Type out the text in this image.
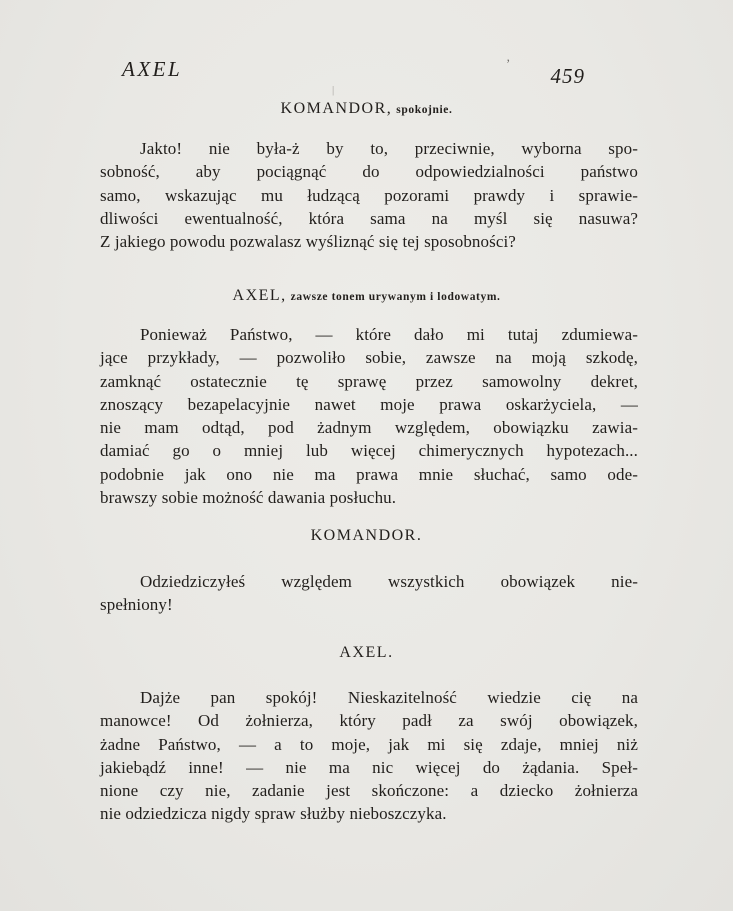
AXEL	459
’
|
KOMANDOR, spokojnie.
Jakto! nie była-ż by to, przeciwnie, wyborna spo-
sobność, aby pociągnąć do odpowiedzialności państwo
samo, wskazując mu łudzącą pozorami prawdy i sprawie-
dliwości ewentualność, która sama na myśl się nasuwa?
Z jakiego powodu pozwalasz wyśliznąć się tej sposobności?
AXEL, zawsze tonem urywanym i lodowatym.
Ponieważ Państwo, — które dało mi tutaj zdumiewa-
jące przykłady, — pozwoliło sobie, zawsze na moją szkodę,
zamknąć ostatecznie tę sprawę przez samowolny dekret,
znoszący bezapelacyjnie nawet moje prawa oskarżyciela, —
nie mam odtąd, pod żadnym względem, obowiązku zawia-
damiać go o mniej lub więcej chimerycznych hypotezach...
podobnie jak ono nie ma prawa mnie słuchać, samo ode-
brawszy sobie możność dawania posłuchu.
KOMANDOR.
Odziedziczyłeś względem wszystkich obowiązek nie-
spełniony!
AXEL.
Dajże pan spokój! Nieskazitelność wiedzie cię na
manowce! Od żołnierza, który padł za swój obowiązek,
żadne Państwo, — a to moje, jak mi się zdaje, mniej niż
jakiebądź inne! — nie ma nic więcej do żądania. Speł-
nione czy nie, zadanie jest skończone: a dziecko żołnierza
nie odziedzicza nigdy spraw służby nieboszczyka.
